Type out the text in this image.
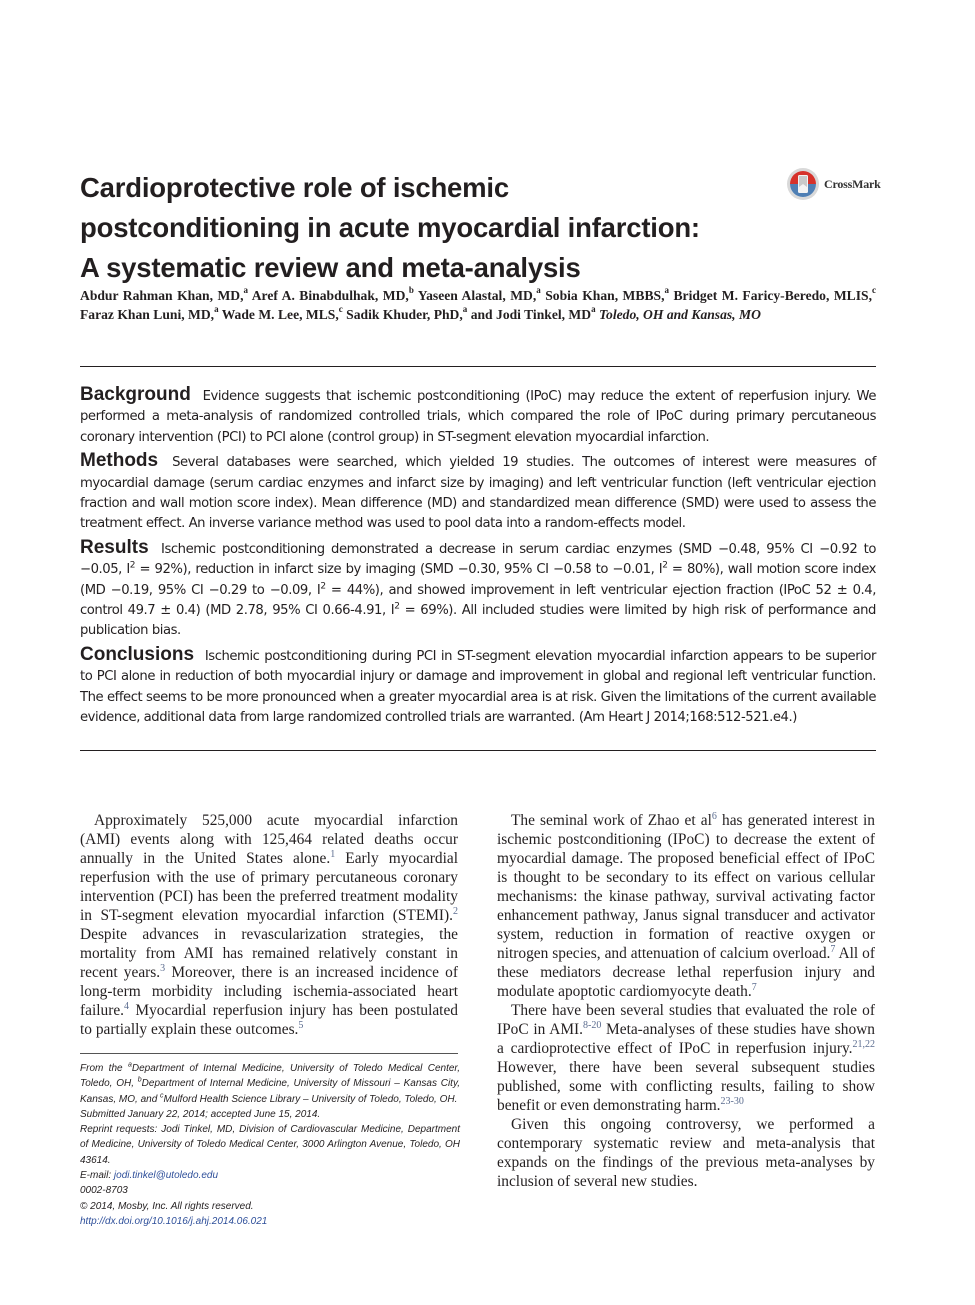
Cardioprotective role of ischemic
postconditioning in acute myocardial infarction:
A systematic review and meta-analysis
CrossMark
Abdur Rahman Khan, MD,$^a$ Aref A. Binabdulhak, MD,$^b$ Yaseen Alastal, MD,$^a$ Sobia Khan, MBBS,$^a$ Bridget M. Faricy-Beredo, MLIS,$^c$ Faraz Khan Luni, MD,$^a$ Wade M. Lee, MLS,$^c$ Sadik Khuder, PhD,$^a$ and Jodi Tinkel, $MD^a$ Toledo, OH and Kansas, MO

Background Evidence suggests that ischemic postconditioning (IPoC) may reduce the extent of reperfusion injury. We performed a meta-analysis of randomized controlled trials, which compared the role of IPoC during primary percutaneous coronary intervention (PCI) to PCI alone (control group) in ST-segment elevation myocardial infarction.

Methods Several databases were searched, which yielded 19 studies. The outcomes of interest were measures of myocardial damage (serum cardiac enzymes and infarct size by imaging) and left ventricular function (left ventricular ejection fraction and wall motion score index). Mean difference (MD) and standardized mean difference (SMD) were used to assess the treatment effect. An inverse variance method was used to pool data into a random-effects model.

Results Ischemic postconditioning demonstrated a decrease in serum cardiac enzymes (SMD −0.48, 95% CI −0.92 to −0.05, $I^2 = 92\%$), reduction in infarct size by imaging (SMD −0.30, 95% CI −0.58 to −0.01, $I^2 = 80\%$), wall motion score index (MD −0.19, 95% CI −0.29 to −0.09, $I^2 = 44\%$), and showed improvement in left ventricular ejection fraction (IPoC 52 ± 0.4, control 49.7 ± 0.4) (MD 2.78, 95% CI 0.66-4.91, $I^2 = 69\%$). All included studies were limited by high risk of performance and publication bias.

Conclusions Ischemic postconditioning during PCI in ST-segment elevation myocardial infarction appears to be superior to PCI alone in reduction of both myocardial injury or damage and improvement in global and regional left ventricular function. The effect seems to be more pronounced when a greater myocardial area is at risk. Given the limitations of the current available evidence, additional data from large randomized controlled trials are warranted. (Am Heart J 2014;168:512-521.e4.)

Approximately 525,000 acute myocardial infarction (AMI) events along with 125,464 related deaths occur annually in the United States alone.$^1$ Early myocardial reperfusion with the use of primary percutaneous coronary intervention (PCI) has been the preferred treatment modality in ST-segment elevation myocardial infarction (STEMI).$^2$ Despite advances in revascularization strategies, the mortality from AMI has remained relatively constant in recent years.$^3$ Moreover, there is an increased incidence of long-term morbidity including ischemia-associated heart failure.$^4$ Myocardial reperfusion injury has been postulated to partially explain these outcomes.$^5$

The seminal work of Zhao et $al^6$ has generated interest in ischemic postconditioning (IPoC) to decrease the extent of myocardial damage. The proposed beneficial effect of IPoC is thought to be secondary to its effect on various cellular mechanisms: the kinase pathway, survival activating factor enhancement pathway, Janus signal transducer and activator system, reduction in formation of reactive oxygen or nitrogen species, and attenuation of calcium overload.$^7$ All of these mediators decrease lethal reperfusion injury and modulate apoptotic cardiomyocyte death.$^7$

There have been several studies that evaluated the role of IPoC in AMI.$^{8-20}$ Meta-analyses of these studies have shown a cardioprotective effect of IPoC in reperfusion injury.$^{21,22}$ However, there have been several subsequent studies published, some with conflicting results, failing to show benefit or even demonstrating harm.$^{23-30}$

Given this ongoing controversy, we performed a contemporary systematic review and meta-analysis that expands on the findings of the previous meta-analyses by inclusion of several new studies.

From the $^a$Department of Internal Medicine, University of Toledo Medical Center, Toledo, OH, $^b$Department of Internal Medicine, University of Missouri – Kansas City, Kansas, MO, and $^c$Mulford Health Science Library – University of Toledo, Toledo, OH.
Submitted January 22, 2014; accepted June 15, 2014.
Reprint requests: Jodi Tinkel, MD, Division of Cardiovascular Medicine, Department of Medicine, University of Toledo Medical Center, 3000 Arlington Avenue, Toledo, OH 43614.
E-mail: jodi.tinkel@utoledo.edu
0002-8703
© 2014, Mosby, Inc. All rights reserved.
http://dx.doi.org/10.1016/j.ahj.2014.06.021
